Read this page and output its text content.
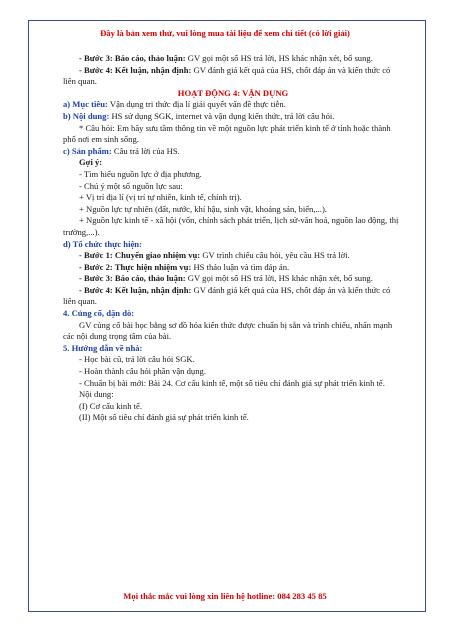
Đây là bản xem thử, vui lòng mua tài liệu để xem chi tiết (có lời giải)

- Bước 3: Báo cáo, thảo luận: GV gọi một số HS trả lời, HS khác nhận xét, bổ sung.

- Bước 4: Kết luận, nhận định: GV đánh giá kết quả của HS, chốt đáp án và kiến thức có liên quan.

HOẠT ĐỘNG 4: VẬN DỤNG

a) Mục tiêu: Vận dụng tri thức địa lí giải quyết vấn đề thực tiễn.

b) Nội dung: HS sử dụng SGK, internet và vận dụng kiến thức, trả lời câu hỏi.

* Câu hỏi: Em hãy sưu tầm thông tin về một nguồn lực phát triển kinh tế ở tỉnh hoặc thành phố nơi em sinh sống.

c) Sản phẩm: Câu trả lời của HS.

Gợi ý:

- Tìm hiểu nguồn lực ở địa phương.

- Chú ý một số nguồn lực sau:

+ Vị trí địa lí (vị trí tự nhiên, kinh tế, chính trị).

+ Nguồn lực tự nhiên (đất, nước, khí hậu, sinh vật, khoáng sản, biển,...).

+ Nguồn lực kinh tế - xã hội (vốn, chính sách phát triển, lịch sử-văn hoá, nguồn lao động, thị trường,...).

d) Tổ chức thực hiện:

- Bước 1: Chuyển giao nhiệm vụ: GV trình chiếu câu hỏi, yêu cầu HS trả lời.

- Bước 2: Thực hiện nhiệm vụ: HS thảo luận và tìm đáp án.

- Bước 3: Báo cáo, thảo luận: GV gọi một số HS trả lời, HS khác nhận xét, bổ sung.

- Bước 4: Kết luận, nhận định: GV đánh giá kết quả của HS, chốt đáp án và kiến thức có liên quan.

4. Củng cố, dặn dò:

GV củng cố bài học bằng sơ đồ hóa kiến thức được chuẩn bị sẵn và trình chiếu, nhấn mạnh các nội dung trọng tâm của bài.

5. Hướng dẫn về nhà:

- Học bài cũ, trả lời câu hỏi SGK.

- Hoàn thành câu hỏi phần vận dụng.

- Chuẩn bị bài mới: Bài 24. Cơ cấu kinh tế, một số tiêu chí đánh giá sự phát triển kinh tế.

Nội dung:

(I) Cơ cấu kinh tế.

(II) Một số tiêu chí đánh giá sự phát triển kinh tế.

Mọi thắc mắc vui lòng xin liên hệ hotline: 084 283 45 85
